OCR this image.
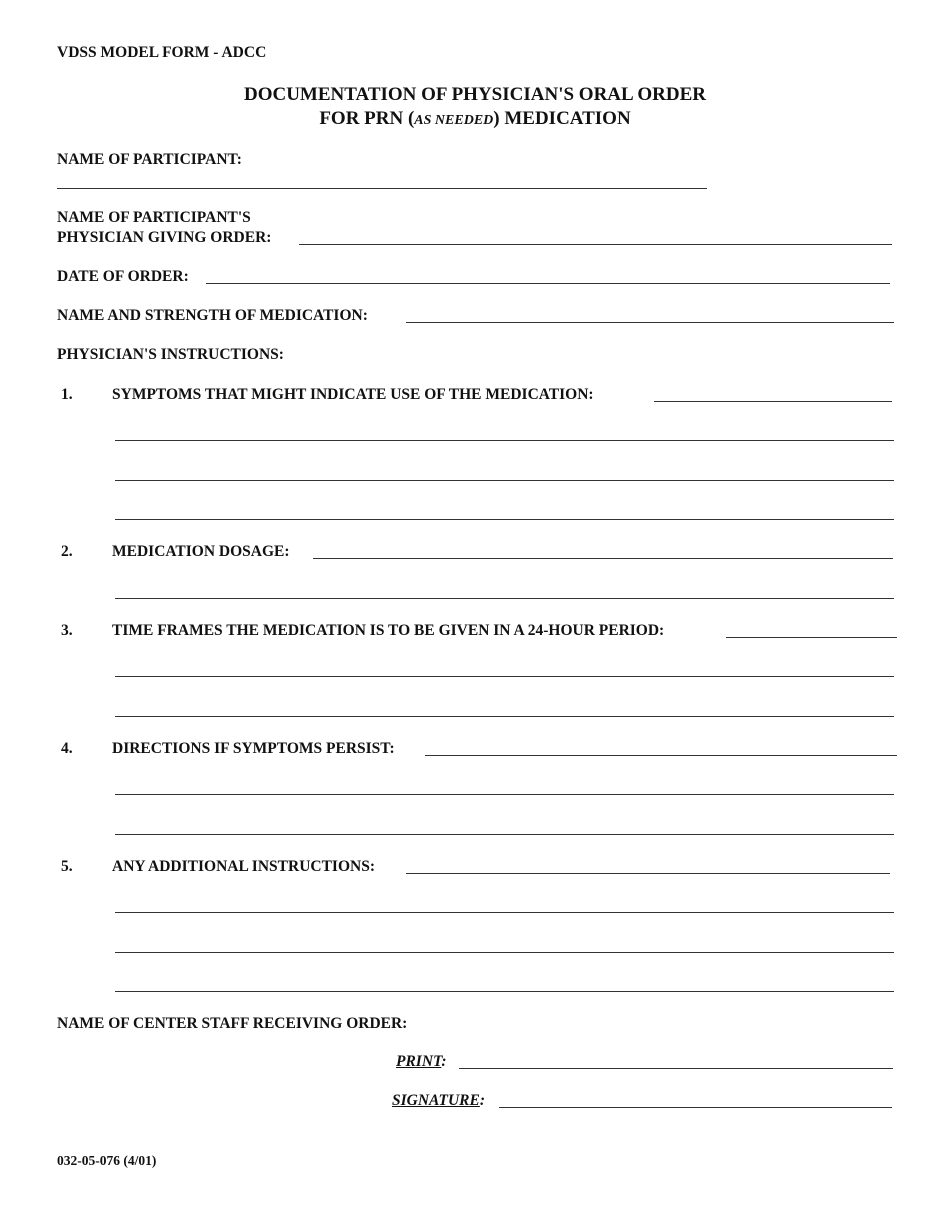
VDSS MODEL FORM - ADCC
DOCUMENTATION OF PHYSICIAN'S ORAL ORDER
FOR PRN (AS NEEDED) MEDICATION
NAME OF PARTICIPANT:
NAME OF PARTICIPANT'S
PHYSICIAN GIVING ORDER:
DATE OF ORDER:
NAME AND STRENGTH OF MEDICATION:
PHYSICIAN'S INSTRUCTIONS:
1.	SYMPTOMS THAT MIGHT INDICATE USE OF THE MEDICATION:
2.	MEDICATION DOSAGE:
3.	TIME FRAMES THE MEDICATION IS TO BE GIVEN IN A 24-HOUR PERIOD:
4.	DIRECTIONS IF SYMPTOMS PERSIST:
5.	ANY ADDITIONAL INSTRUCTIONS:
NAME OF CENTER STAFF RECEIVING ORDER:
PRINT:
SIGNATURE:
032-05-076 (4/01)
